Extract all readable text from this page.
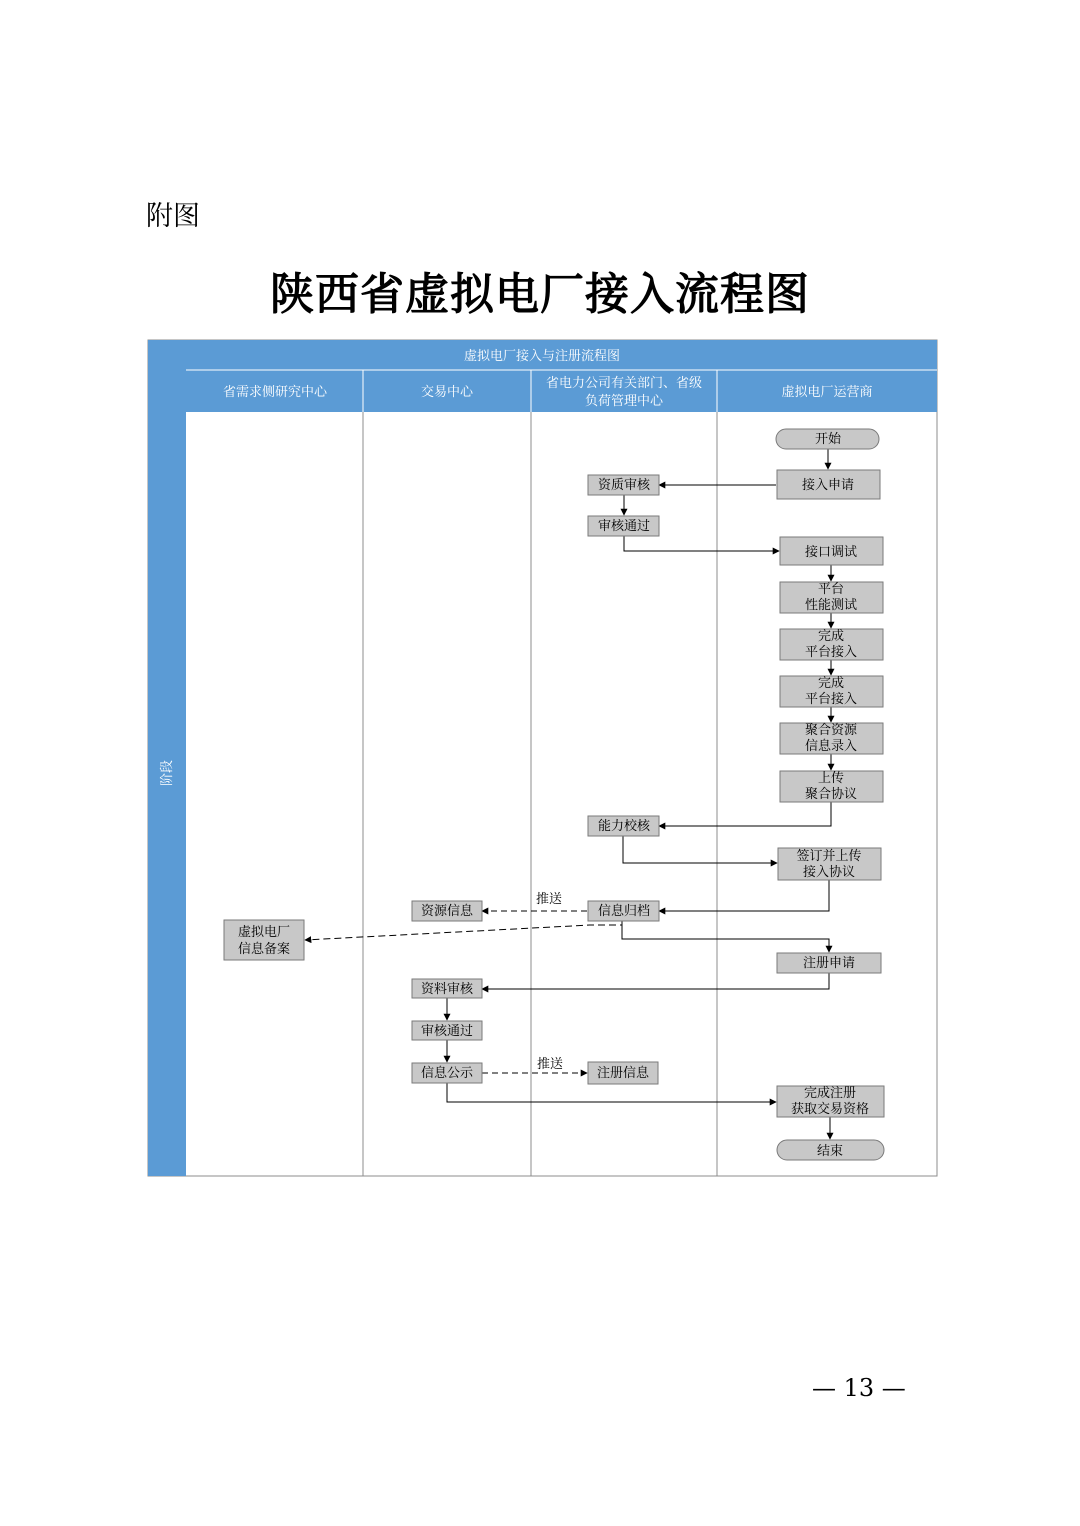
附图
陕西省虚拟电厂接入流程图
虚拟电厂接入与注册流程图
阶段
省需求侧研究中心	交易中心
省电力公司有关部门、省级
负荷管理中心
虚拟电厂运营商
推送
推送
开始
接入申请
接口调试
平台
性能测试
完成
平台接入
完成
平台接入
聚合资源
信息录入
上传
聚合协议
签订并上传
接入协议
注册申请
完成注册
获取交易资格
结束
资质审核
审核通过
能力校核
信息归档
注册信息
资源信息
资料审核
审核通过
信息公示
虚拟电厂
信息备案
— 13 —
